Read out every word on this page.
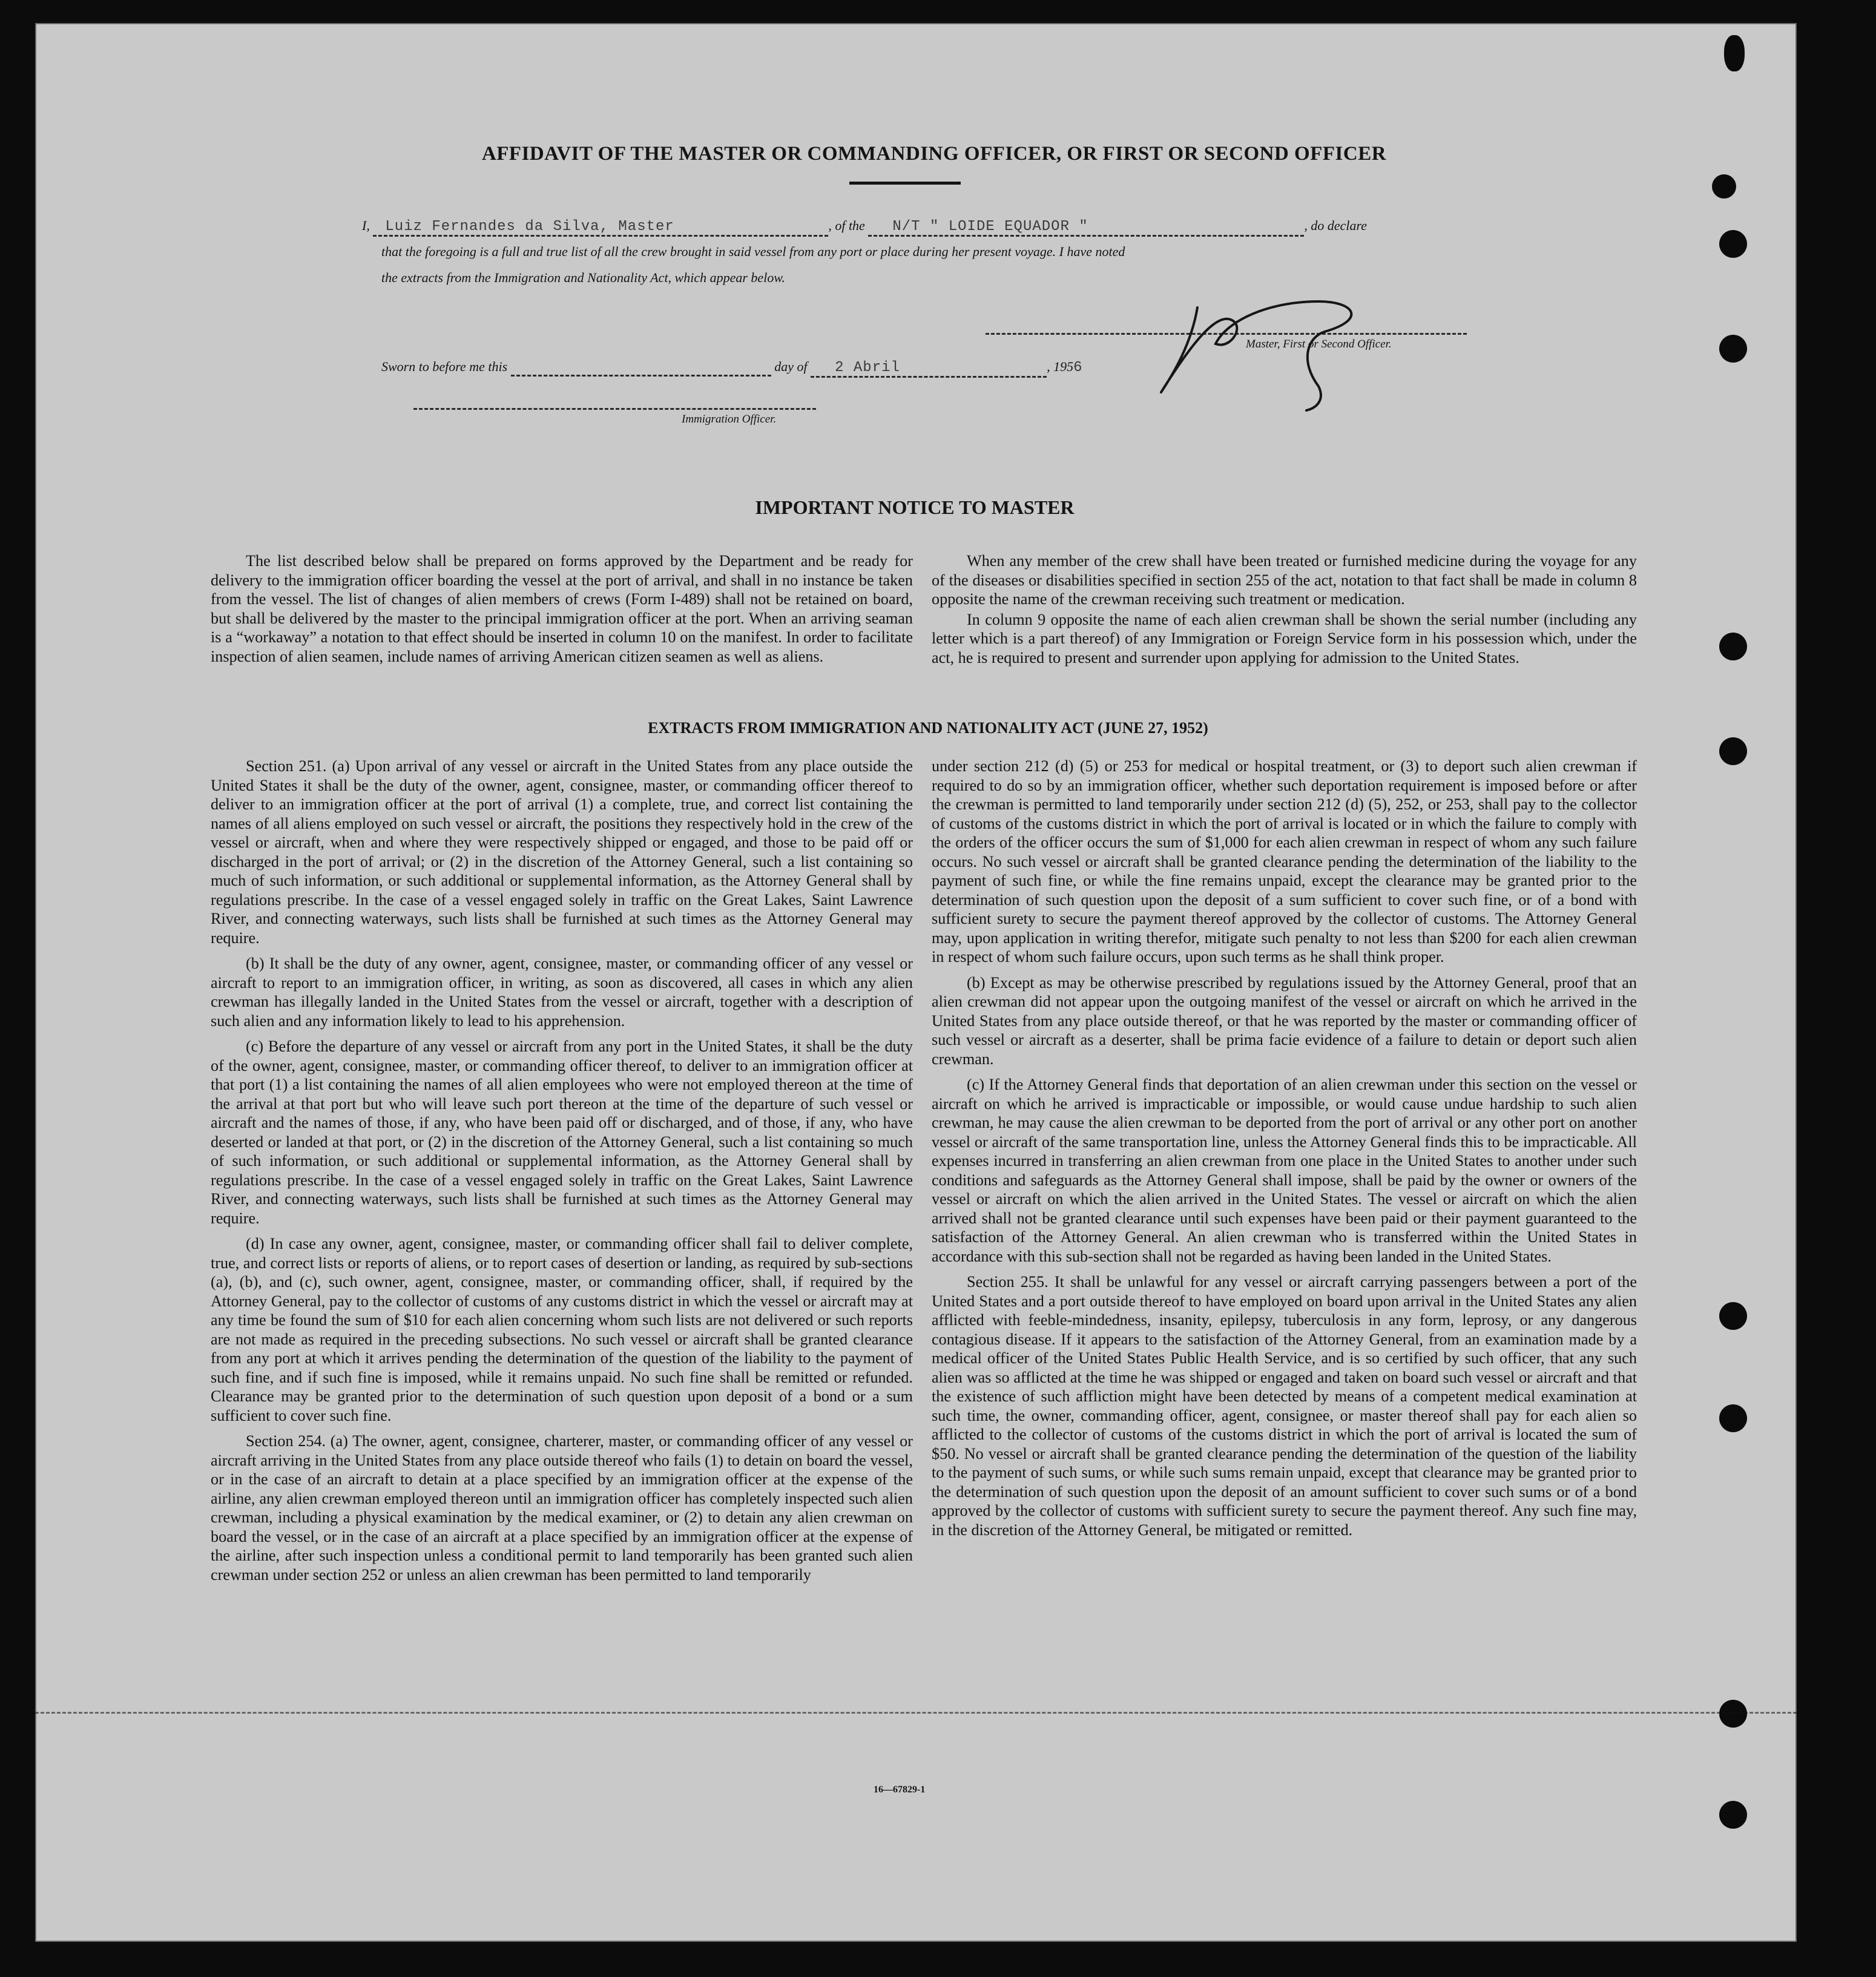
AFFIDAVIT OF THE MASTER OR COMMANDING OFFICER, OR FIRST OR SECOND OFFICER
I, Luiz Fernandes da Silva, Master	, of the N/T " LOIDE EQUADOR "	, do declare
that the foregoing is a full and true list of all the crew brought in said vessel from any port or place during her present voyage. I have noted
the extracts from the Immigration and Nationality Act, which appear below.
Master, First or Second Officer.
Sworn to before me this	day of 2 Abril	, 1956
Immigration Officer.
IMPORTANT NOTICE TO MASTER

The list described below shall be prepared on forms approved by the Department and be ready for delivery to the immigration officer boarding the vessel at the port of arrival, and shall in no instance be taken from the vessel. The list of changes of alien members of crews (Form I-489) shall not be retained on board, but shall be delivered by the master to the principal immigration officer at the port. When an arriving seaman is a “workaway” a notation to that effect should be inserted in column 10 on the manifest. In order to facilitate inspection of alien seamen, include names of arriving American citizen seamen as well as aliens.

When any member of the crew shall have been treated or furnished medicine during the voyage for any of the diseases or disabilities specified in section 255 of the act, notation to that fact shall be made in column 8 opposite the name of the crewman receiving such treatment or medication.

In column 9 opposite the name of each alien crewman shall be shown the serial number (including any letter which is a part thereof) of any Immigration or Foreign Service form in his possession which, under the act, he is required to present and surrender upon applying for admission to the United States.

EXTRACTS FROM IMMIGRATION AND NATIONALITY ACT (JUNE 27, 1952)

Section 251. (a) Upon arrival of any vessel or aircraft in the United States from any place outside the United States it shall be the duty of the owner, agent, consignee, master, or commanding officer thereof to deliver to an immigration officer at the port of arrival (1) a complete, true, and correct list containing the names of all aliens employed on such vessel or aircraft, the positions they respectively hold in the crew of the vessel or aircraft, when and where they were respectively shipped or engaged, and those to be paid off or discharged in the port of arrival; or (2) in the discretion of the Attorney General, such a list containing so much of such information, or such additional or supplemental information, as the Attorney General shall by regulations prescribe. In the case of a vessel engaged solely in traffic on the Great Lakes, Saint Lawrence River, and connecting waterways, such lists shall be furnished at such times as the Attorney General may require.

(b) It shall be the duty of any owner, agent, consignee, master, or commanding officer of any vessel or aircraft to report to an immigration officer, in writing, as soon as discovered, all cases in which any alien crewman has illegally landed in the United States from the vessel or aircraft, together with a description of such alien and any information likely to lead to his apprehension.

(c) Before the departure of any vessel or aircraft from any port in the United States, it shall be the duty of the owner, agent, consignee, master, or commanding officer thereof, to deliver to an immigration officer at that port (1) a list containing the names of all alien employees who were not employed thereon at the time of the arrival at that port but who will leave such port thereon at the time of the departure of such vessel or aircraft and the names of those, if any, who have been paid off or discharged, and of those, if any, who have deserted or landed at that port, or (2) in the discretion of the Attorney General, such a list containing so much of such information, or such additional or supplemental information, as the Attorney General shall by regulations prescribe. In the case of a vessel engaged solely in traffic on the Great Lakes, Saint Lawrence River, and connecting waterways, such lists shall be furnished at such times as the Attorney General may require.

(d) In case any owner, agent, consignee, master, or commanding officer shall fail to deliver complete, true, and correct lists or reports of aliens, or to report cases of desertion or landing, as required by sub-sections (a), (b), and (c), such owner, agent, consignee, master, or commanding officer, shall, if required by the Attorney General, pay to the collector of customs of any customs district in which the vessel or aircraft may at any time be found the sum of $10 for each alien concerning whom such lists are not delivered or such reports are not made as required in the preceding subsections. No such vessel or aircraft shall be granted clearance from any port at which it arrives pending the determination of the question of the liability to the payment of such fine, and if such fine is imposed, while it remains unpaid. No such fine shall be remitted or refunded. Clearance may be granted prior to the determination of such question upon deposit of a bond or a sum sufficient to cover such fine.

Section 254. (a) The owner, agent, consignee, charterer, master, or commanding officer of any vessel or aircraft arriving in the United States from any place outside thereof who fails (1) to detain on board the vessel, or in the case of an aircraft to detain at a place specified by an immigration officer at the expense of the airline, any alien crewman employed thereon until an immigration officer has completely inspected such alien crewman, including a physical examination by the medical examiner, or (2) to detain any alien crewman on board the vessel, or in the case of an aircraft at a place specified by an immigration officer at the expense of the airline, after such inspection unless a conditional permit to land temporarily has been granted such alien crewman under section 252 or unless an alien crewman has been permitted to land temporarily

under section 212 (d) (5) or 253 for medical or hospital treatment, or (3) to deport such alien crewman if required to do so by an immigration officer, whether such deportation requirement is imposed before or after the crewman is permitted to land temporarily under section 212 (d) (5), 252, or 253, shall pay to the collector of customs of the customs district in which the port of arrival is located or in which the failure to comply with the orders of the officer occurs the sum of $1,000 for each alien crewman in respect of whom any such failure occurs. No such vessel or aircraft shall be granted clearance pending the determination of the liability to the payment of such fine, or while the fine remains unpaid, except the clearance may be granted prior to the determination of such question upon the deposit of a sum sufficient to cover such fine, or of a bond with sufficient surety to secure the payment thereof approved by the collector of customs. The Attorney General may, upon application in writing therefor, mitigate such penalty to not less than $200 for each alien crewman in respect of whom such failure occurs, upon such terms as he shall think proper.

(b) Except as may be otherwise prescribed by regulations issued by the Attorney General, proof that an alien crewman did not appear upon the outgoing manifest of the vessel or aircraft on which he arrived in the United States from any place outside thereof, or that he was reported by the master or commanding officer of such vessel or aircraft as a deserter, shall be prima facie evidence of a failure to detain or deport such alien crewman.

(c) If the Attorney General finds that deportation of an alien crewman under this section on the vessel or aircraft on which he arrived is impracticable or impossible, or would cause undue hardship to such alien crewman, he may cause the alien crewman to be deported from the port of arrival or any other port on another vessel or aircraft of the same transportation line, unless the Attorney General finds this to be impracticable. All expenses incurred in transferring an alien crewman from one place in the United States to another under such conditions and safeguards as the Attorney General shall impose, shall be paid by the owner or owners of the vessel or aircraft on which the alien arrived in the United States. The vessel or aircraft on which the alien arrived shall not be granted clearance until such expenses have been paid or their payment guaranteed to the satisfaction of the Attorney General. An alien crewman who is transferred within the United States in accordance with this sub-section shall not be regarded as having been landed in the United States.

Section 255. It shall be unlawful for any vessel or aircraft carrying passengers between a port of the United States and a port outside thereof to have employed on board upon arrival in the United States any alien afflicted with feeble-mindedness, insanity, epilepsy, tuberculosis in any form, leprosy, or any dangerous contagious disease. If it appears to the satisfaction of the Attorney General, from an examination made by a medical officer of the United States Public Health Service, and is so certified by such officer, that any such alien was so afflicted at the time he was shipped or engaged and taken on board such vessel or aircraft and that the existence of such affliction might have been detected by means of a competent medical examination at such time, the owner, commanding officer, agent, consignee, or master thereof shall pay for each alien so afflicted to the collector of customs of the customs district in which the port of arrival is located the sum of $50. No vessel or aircraft shall be granted clearance pending the determination of the question of the liability to the payment of such sums, or while such sums remain unpaid, except that clearance may be granted prior to the determination of such question upon the deposit of an amount sufficient to cover such sums or of a bond approved by the collector of customs with sufficient surety to secure the payment thereof. Any such fine may, in the discretion of the Attorney General, be mitigated or remitted.

16—67829-1
